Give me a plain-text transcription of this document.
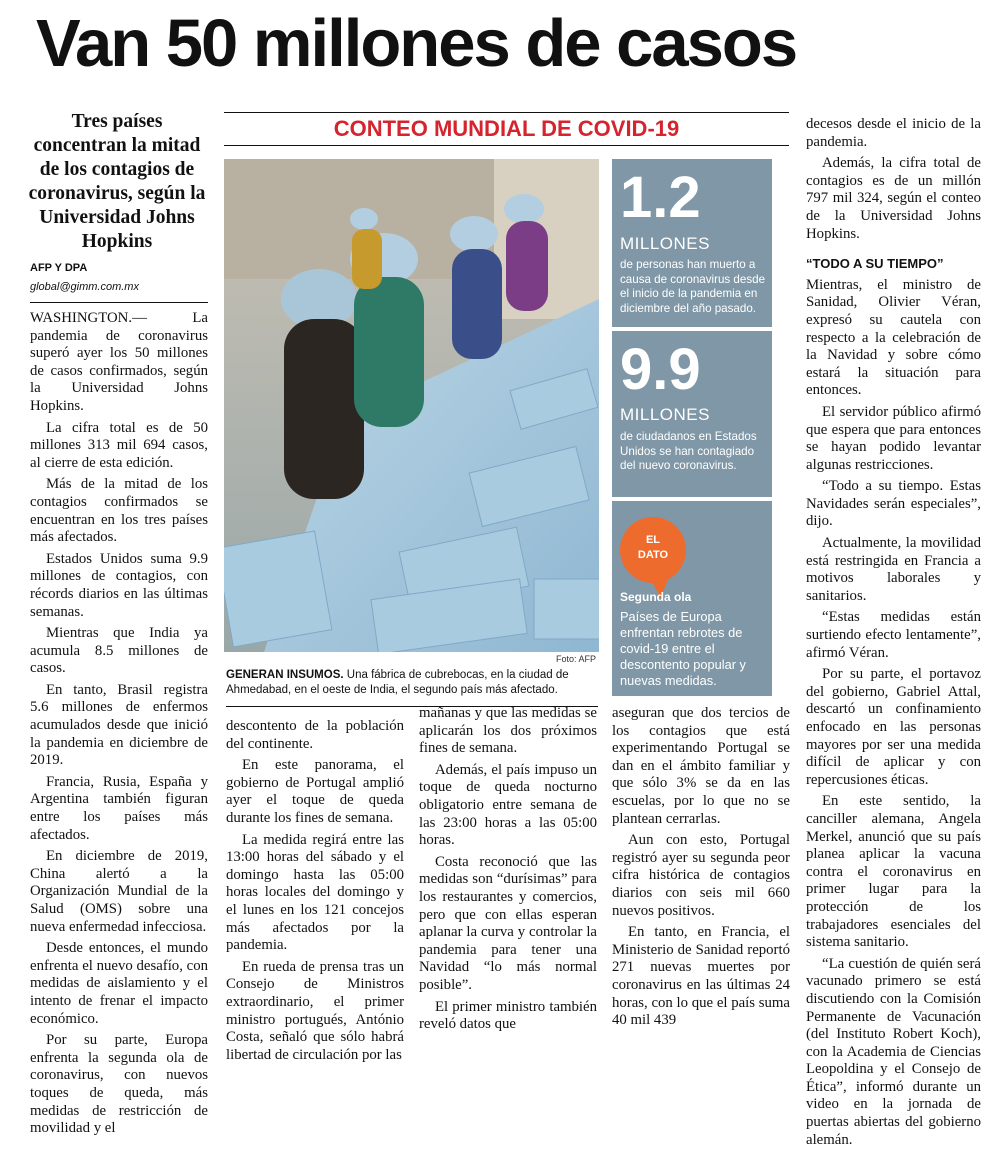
Van 50 millones de casos
Tres países concentran la mitad de los contagios de coronavirus, según la Universidad Johns Hopkins
AFP Y DPA
global@gimm.com.mx

WASHINGTON.— La pandemia de coronavirus superó ayer los 50 millones de casos confirmados, según la Universidad Johns Hopkins.

La cifra total es de 50 millones 313 mil 694 casos, al cierre de esta edición.

Más de la mitad de los contagios confirmados se encuentran en los tres países más afectados.

Estados Unidos suma 9.9 millones de contagios, con récords diarios en las últimas semanas.

Mientras que India ya acumula 8.5 millones de casos.

En tanto, Brasil registra 5.6 millones de enfermos acumulados desde que inició la pandemia en diciembre de 2019.

Francia, Rusia, España y Argentina también figuran entre los países más afectados.

En diciembre de 2019, China alertó a la Organización Mundial de la Salud (OMS) sobre una nueva enfermedad infecciosa.

Desde entonces, el mundo enfrenta el nuevo desafío, con medidas de aislamiento y el intento de frenar el impacto económico.

Por su parte, Europa enfrenta la segunda ola de coronavirus, con nuevos toques de queda, más medidas de restricción de movilidad y el

CONTEO MUNDIAL DE COVID-19
Foto: AFP
GENERAN INSUMOS. Una fábrica de cubrebocas, en la ciudad de Ahmedabad, en el oeste de India, el segundo país más afectado.
1.2
MILLONES
de personas han muerto a causa de coronavirus desde el inicio de la pandemia en diciembre del año pasado.
9.9
MILLONES
de ciudadanos en Estados Unidos se han contagiado del nuevo coronavirus.
EL
DATO
Segunda ola
Países de Europa enfrentan rebrotes de covid-19 entre el descontento popular y nuevas medidas.

descontento de la población del continente.

En este panorama, el gobierno de Portugal amplió ayer el toque de queda durante los fines de semana.

La medida regirá entre las 13:00 horas del sábado y el domingo hasta las 05:00 horas locales del domingo y el lunes en los 121 concejos más afectados por la pandemia.

En rueda de prensa tras un Consejo de Ministros extraordinario, el primer ministro portugués, António Costa, señaló que sólo habrá libertad de circulación por las

mañanas y que las medidas se aplicarán los dos próximos fines de semana.

Además, el país impuso un toque de queda nocturno obligatorio entre semana de las 23:00 horas a las 05:00 horas.

Costa reconoció que las medidas son “durísimas” para los restaurantes y comercios, pero que con ellas esperan aplanar la curva y controlar la pandemia para tener una Navidad “lo más normal posible”.

El primer ministro también reveló datos que

aseguran que dos tercios de los contagios que está experimentando Portugal se dan en el ámbito familiar y que sólo 3% se da en las escuelas, por lo que no se plantean cerrarlas.

Aun con esto, Portugal registró ayer su segunda peor cifra histórica de contagios diarios con seis mil 660 nuevos positivos.

En tanto, en Francia, el Ministerio de Sanidad reportó 271 nuevas muertes por coronavirus en las últimas 24 horas, con lo que el país suma 40 mil 439

decesos desde el inicio de la pandemia.

Además, la cifra total de contagios es de un millón 797 mil 324, según el conteo de la Universidad Johns Hopkins.

“TODO A SU TIEMPO”

Mientras, el ministro de Sanidad, Olivier Véran, expresó su cautela con respecto a la celebración de la Navidad y sobre cómo estará la situación para entonces.

El servidor público afirmó que espera que para entonces se hayan podido levantar algunas restricciones.

“Todo a su tiempo. Estas Navidades serán especiales”, dijo.

Actualmente, la movilidad está restringida en Francia a motivos laborales y sanitarios.

“Estas medidas están surtiendo efecto lentamente”, afirmó Véran.

Por su parte, el portavoz del gobierno, Gabriel Attal, descartó un confinamiento enfocado en las personas mayores por ser una medida difícil de aplicar y con repercusiones éticas.

En este sentido, la canciller alemana, Angela Merkel, anunció que su país planea aplicar la vacuna contra el coronavirus en primer lugar para la protección de los trabajadores esenciales del sistema sanitario.

“La cuestión de quién será vacunado primero se está discutiendo con la Comisión Permanente de Vacunación (del Instituto Robert Koch), con la Academia de Ciencias Leopoldina y el Consejo de Ética”, informó durante un video en la jornada de puertas abiertas del gobierno alemán.
